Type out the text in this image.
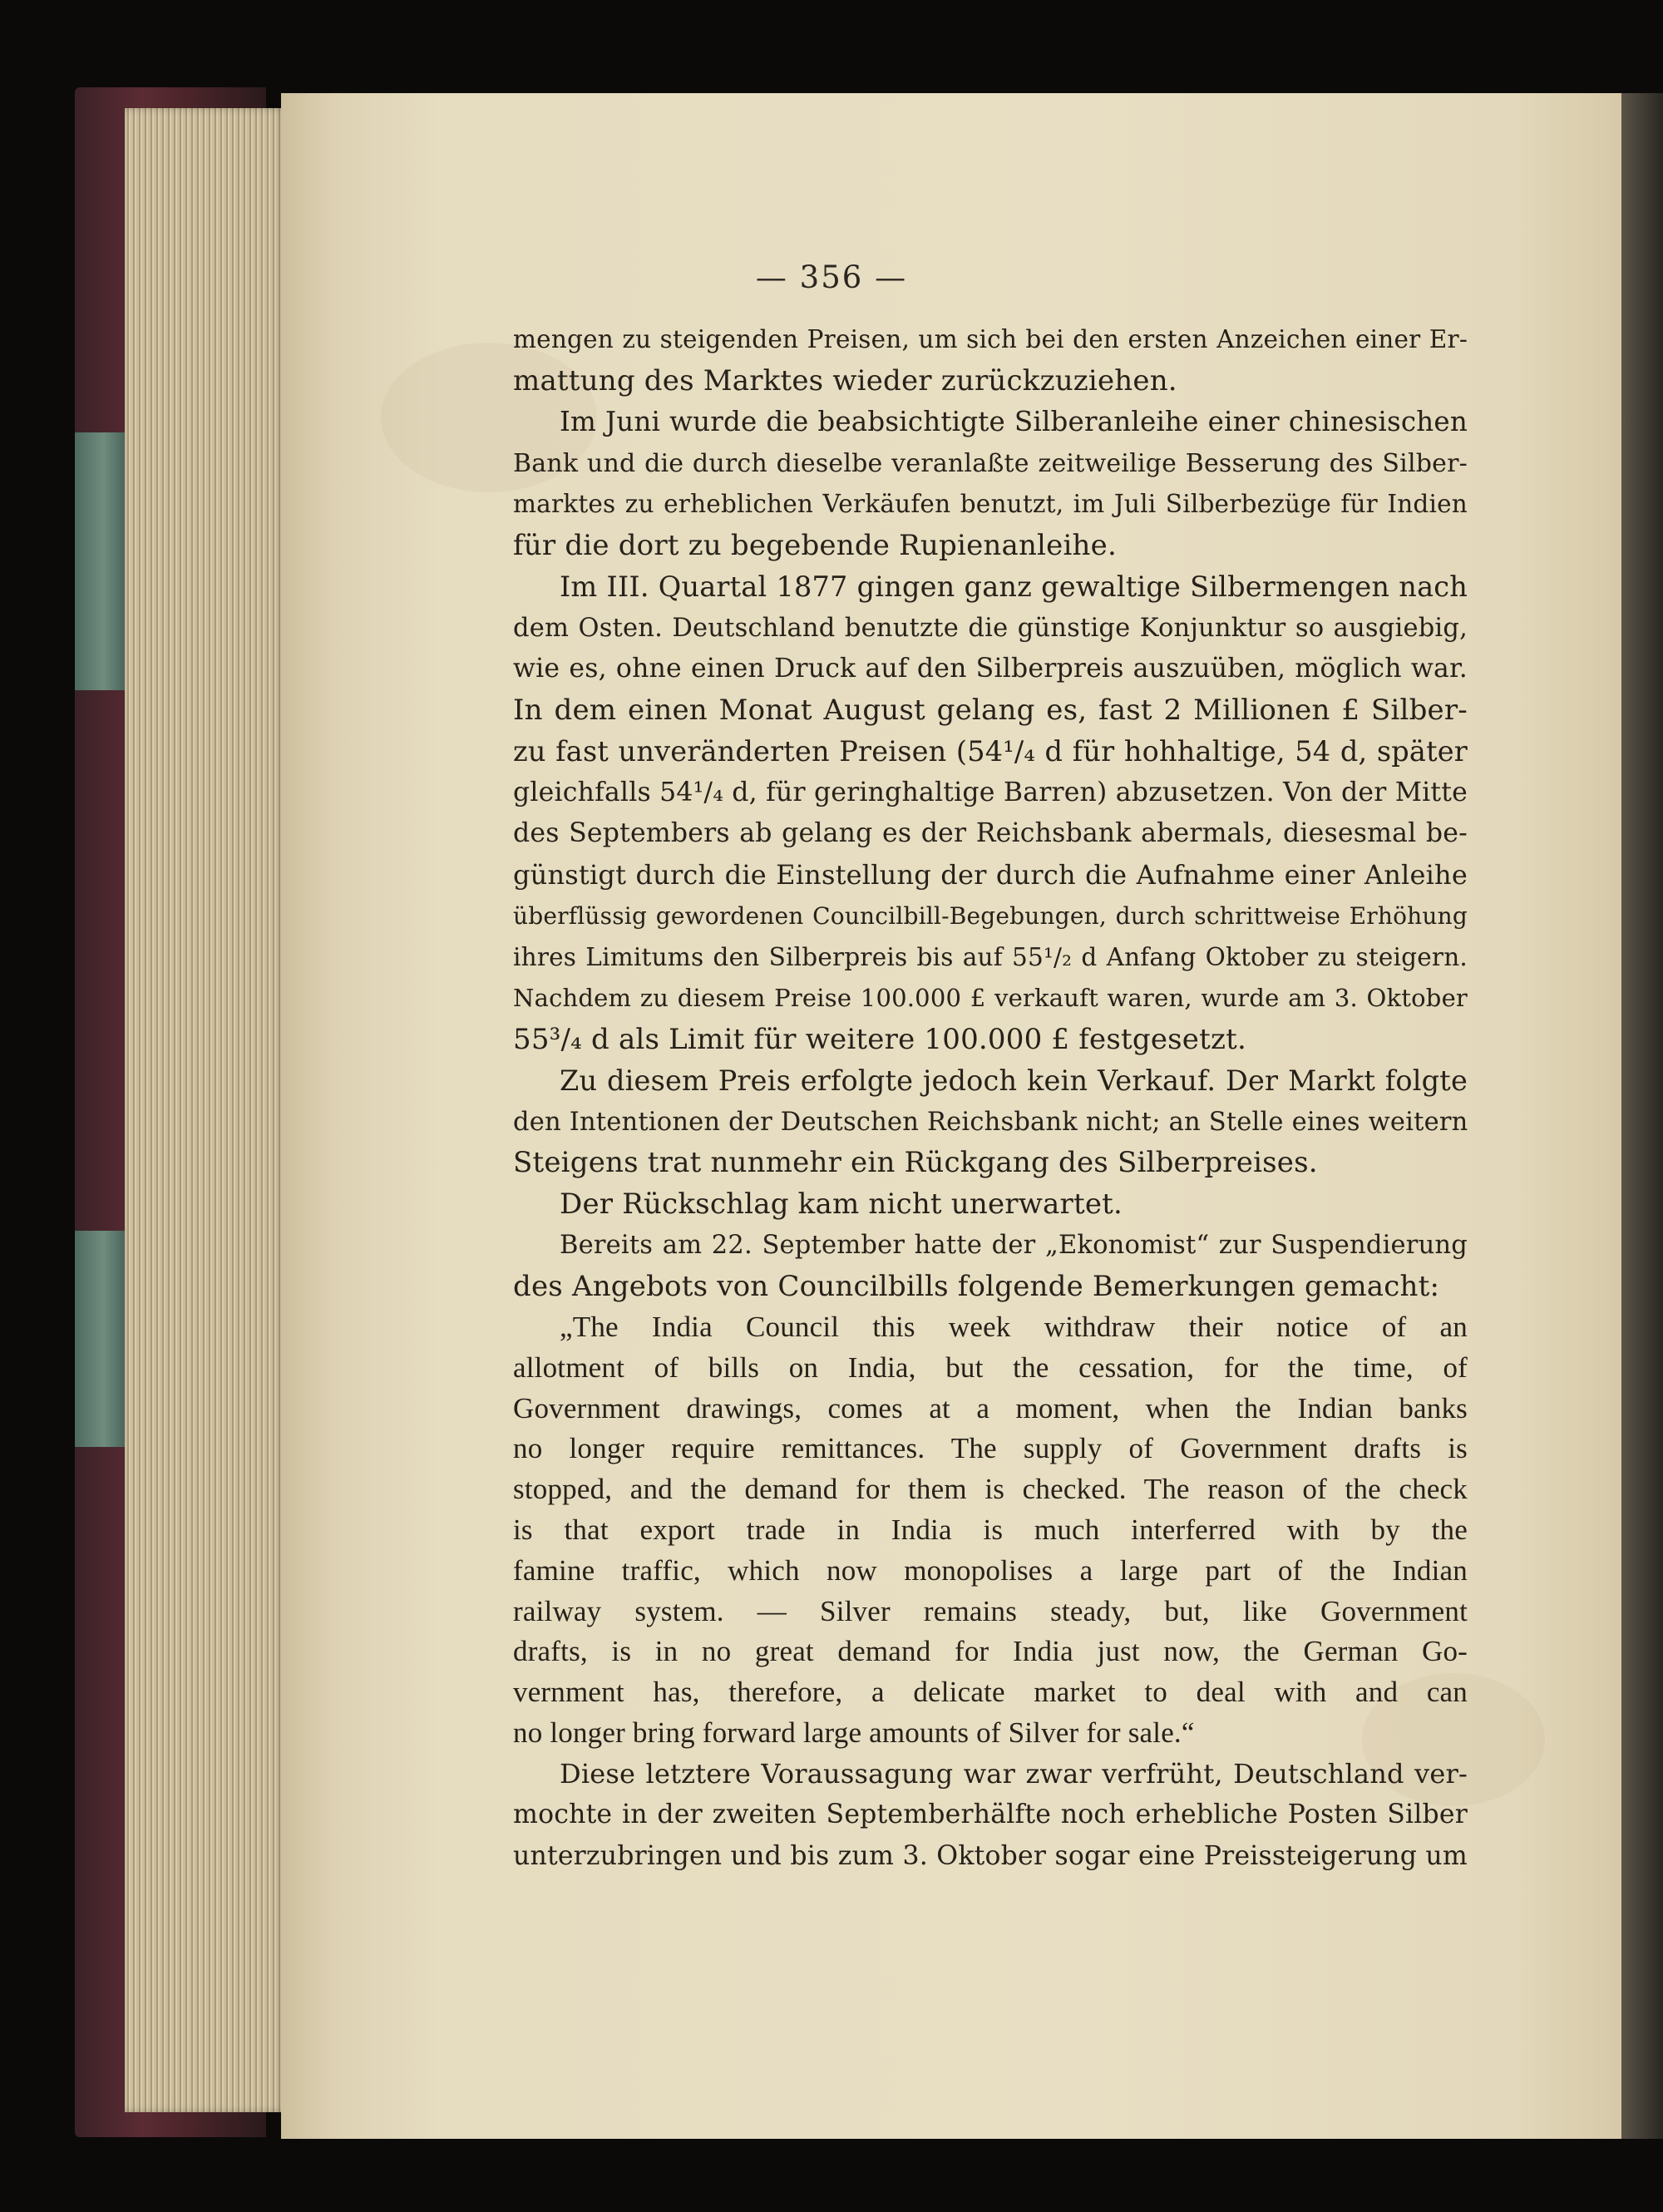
— 356 —
mengen zu steigenden Preisen, um sich bei den ersten Anzeichen einer Er-
mattung des Marktes wieder zurückzuziehen.
Im Juni wurde die beabsichtigte Silberanleihe einer chinesischen
Bank und die durch dieselbe veranlaßte zeitweilige Besserung des Silber-
marktes zu erheblichen Verkäufen benutzt, im Juli Silberbezüge für Indien
für die dort zu begebende Rupienanleihe.
Im III. Quartal 1877 gingen ganz gewaltige Silbermengen nach
dem Osten. Deutschland benutzte die günstige Konjunktur so ausgiebig,
wie es, ohne einen Druck auf den Silberpreis auszuüben, möglich war.
In dem einen Monat August gelang es, fast 2 Millionen £ Silber-
zu fast unveränderten Preisen (54¹/₄ d für hohhaltige, 54 d, später
gleichfalls 54¹/₄ d, für geringhaltige Barren) abzusetzen. Von der Mitte
des Septembers ab gelang es der Reichsbank abermals, diesesmal be-
günstigt durch die Einstellung der durch die Aufnahme einer Anleihe
überflüssig gewordenen Councilbill-Begebungen, durch schrittweise Erhöhung
ihres Limitums den Silberpreis bis auf 55¹/₂ d Anfang Oktober zu steigern.
Nachdem zu diesem Preise 100.000 £ verkauft waren, wurde am 3. Oktober
55³/₄ d als Limit für weitere 100.000 £ festgesetzt.
Zu diesem Preis erfolgte jedoch kein Verkauf. Der Markt folgte
den Intentionen der Deutschen Reichsbank nicht; an Stelle eines weitern
Steigens trat nunmehr ein Rückgang des Silberpreises.
Der Rückschlag kam nicht unerwartet.
Bereits am 22. September hatte der „Ekonomist“ zur Suspendierung
des Angebots von Councilbills folgende Bemerkungen gemacht:
„The India Council this week withdraw their notice of an
allotment of bills on India, but the cessation, for the time, of
Government drawings, comes at a moment, when the Indian banks
no longer require remittances. The supply of Government drafts is
stopped, and the demand for them is checked. The reason of the check
is that export trade in India is much interferred with by the
famine traffic, which now monopolises a large part of the Indian
railway system. — Silver remains steady, but, like Government
drafts, is in no great demand for India just now, the German Go-
vernment has, therefore, a delicate market to deal with and can
no longer bring forward large amounts of Silver for sale.“
Diese letztere Voraussagung war zwar verfrüht, Deutschland ver-
mochte in der zweiten Septemberhälfte noch erhebliche Posten Silber
unterzubringen und bis zum 3. Oktober sogar eine Preissteigerung um
